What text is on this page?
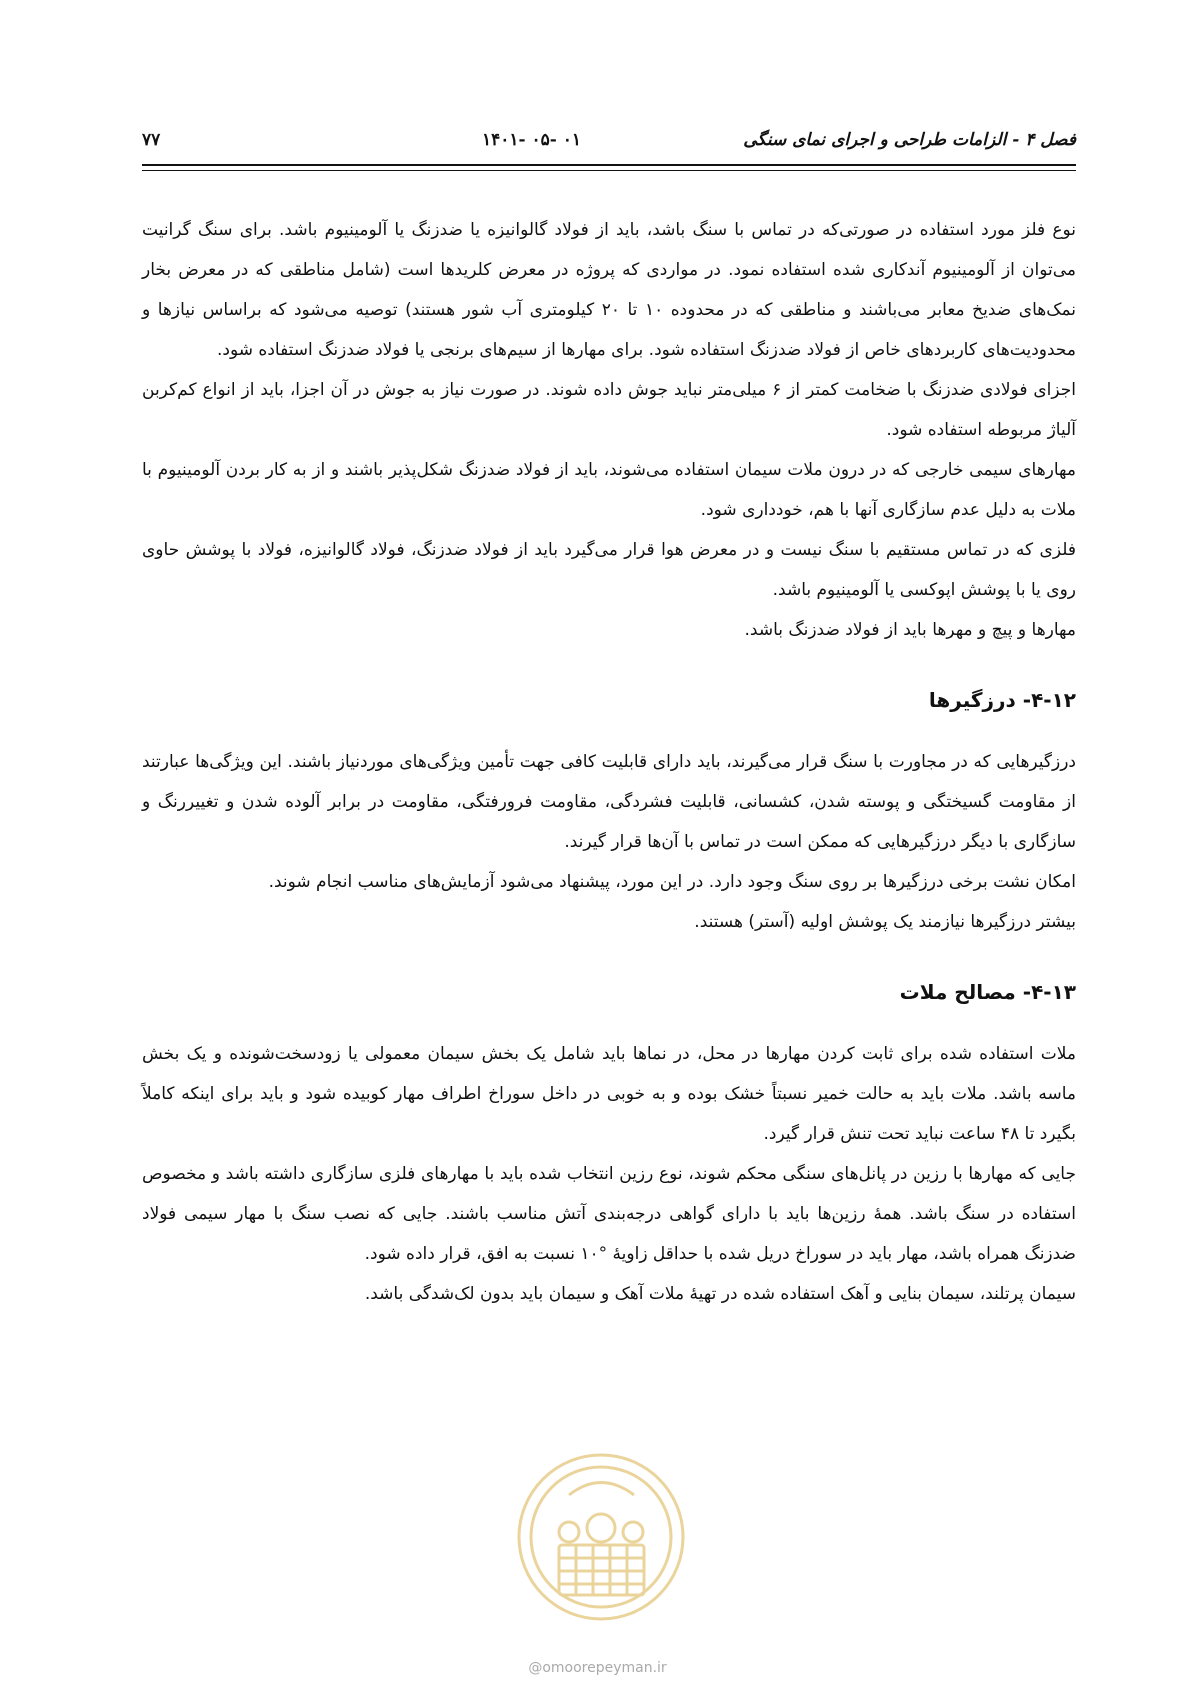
فصل ۴ - الزامات طراحی و اجرای نمای سنگی
۰۱ -۰۵ -۱۴۰۱
۷۷

نوع فلز مورد استفاده در صورتی‌که در تماس با سنگ باشد، باید از فولاد گالوانیزه یا ضدزنگ یا آلومینیوم باشد. برای سنگ گرانیت می‌توان از آلومینیوم آندکاری شده استفاده نمود. در مواردی که پروژه در معرض کلریدها است (شامل مناطقی که در معرض بخار نمک‌های ضدیخ معابر می‌باشند و مناطقی که در محدوده ۱۰ تا ۲۰ کیلومتری آب شور هستند) توصیه می‌شود که براساس نیازها و محدودیت‌های کاربردهای خاص از فولاد ضدزنگ استفاده شود. برای مهارها از سیم‌های برنجی یا فولاد ضدزنگ استفاده شود.

اجزای فولادی ضدزنگ با ضخامت کمتر از ۶ میلی‌متر نباید جوش داده شوند. در صورت نیاز به جوش در آن اجزا، باید از انواع کم‌کربن آلیاژ مربوطه استفاده شود.

مهارهای سیمی خارجی که در درون ملات سیمان استفاده می‌شوند، باید از فولاد ضدزنگ شکل‌پذیر باشند و از به کار بردن آلومینیوم با ملات به دلیل عدم سازگاری آنها با هم، خودداری شود.

فلزی که در تماس مستقیم با سنگ نیست و در معرض هوا قرار می‌گیرد باید از فولاد ضدزنگ، فولاد گالوانیزه، فولاد با پوشش حاوی روی یا با پوشش اپوکسی یا آلومینیوم باشد.

مهارها و پیچ و مهرها باید از فولاد ضدزنگ باشد.

۴-۱۲- درزگیرها

درزگیرهایی که در مجاورت با سنگ قرار می‌گیرند، باید دارای قابلیت کافی جهت تأمین ویژگی‌های موردنیاز باشند. این ویژگی‌ها عبارتند از مقاومت گسیختگی و پوسته شدن، کشسانی، قابلیت فشردگی، مقاومت فرورفتگی، مقاومت در برابر آلوده شدن و تغییررنگ و سازگاری با دیگر درزگیرهایی که ممکن است در تماس با آن‌ها قرار گیرند.

امکان نشت برخی درزگیرها بر روی سنگ وجود دارد. در این مورد، پیشنهاد می‌شود آزمایش‌های مناسب انجام شوند.

بیشتر درزگیرها نیازمند یک پوشش اولیه (آستر) هستند.

۴-۱۳- مصالح ملات

ملات استفاده شده برای ثابت کردن مهارها در محل، در نماها باید شامل یک بخش سیمان معمولی یا زودسخت‌شونده و یک بخش ماسه باشد. ملات باید به حالت خمیر نسبتاً خشک بوده و به خوبی در داخل سوراخ اطراف مهار کوبیده شود و باید برای اینکه کاملاً بگیرد تا ۴۸ ساعت نباید تحت تنش قرار گیرد.

جایی که مهارها با رزین در پانل‌های سنگی محکم شوند، نوع رزین انتخاب شده باید با مهارهای فلزی سازگاری داشته باشد و مخصوص استفاده در سنگ باشد. همهٔ رزین‌ها باید با دارای گواهی درجه‌بندی آتش مناسب باشند. جایی که نصب سنگ با مهار سیمی فولاد ضدزنگ همراه باشد، مهار باید در سوراخ دریل شده با حداقل زاویهٔ °۱۰ نسبت به افق، قرار داده شود.

سیمان پرتلند، سیمان بنایی و آهک استفاده شده در تهیهٔ ملات آهک و سیمان باید بدون لک‌شدگی باشد.

@omoorepeyman.ir
